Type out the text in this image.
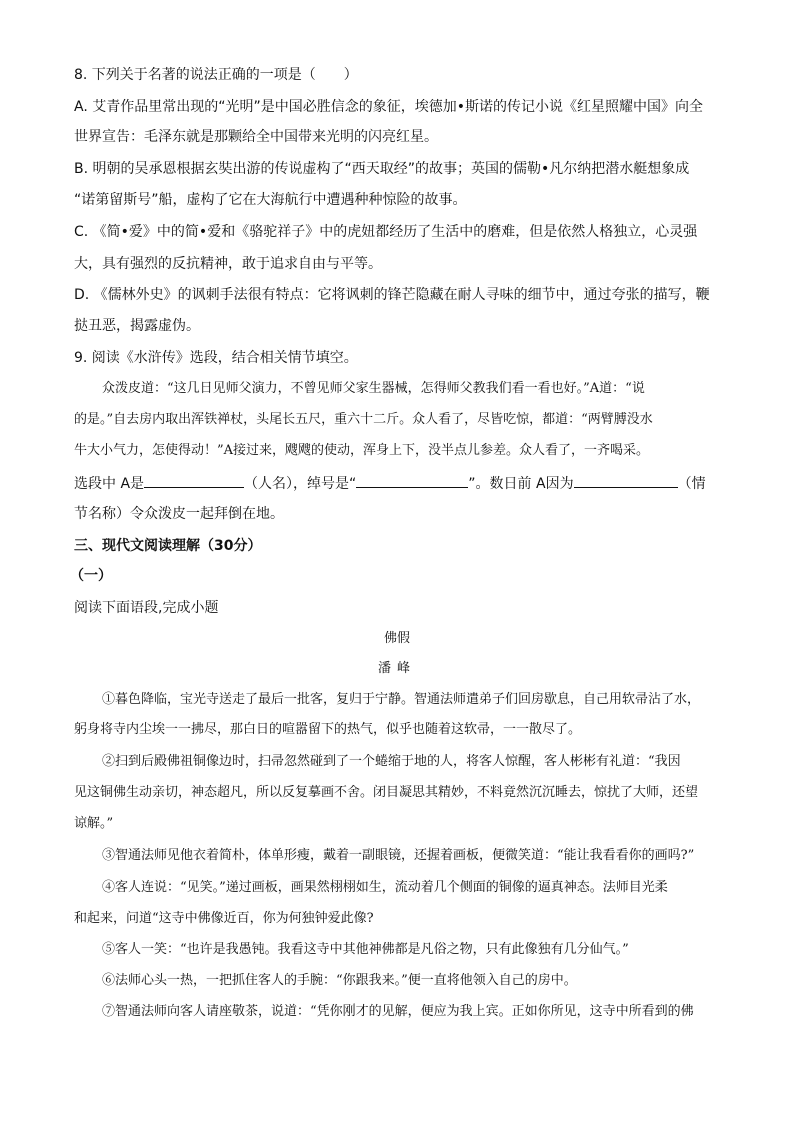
8. 下列关于名著的说法正确的一项是（　　）
A. 艾青作品里常出现的“光明”是中国必胜信念的象征，埃德加•斯诺的传记小说《红星照耀中国》向全
世界宣告：毛泽东就是那颗给全中国带来光明的闪亮红星。
B. 明朝的吴承恩根据玄奘出游的传说虚构了“西天取经”的故事；英国的儒勒•凡尔纳把潜水艇想象成
“诺第留斯号”船，虚构了它在大海航行中遭遇种种惊险的故事。
C. 《简•爱》中的简•爱和《骆驼祥子》中的虎妞都经历了生活中的磨难，但是依然人格独立，心灵强
大，具有强烈的反抗精神，敢于追求自由与平等。
D. 《儒林外史》的讽刺手法很有特点：它将讽刺的锋芒隐藏在耐人寻味的细节中，通过夸张的描写，鞭
挞丑恶，揭露虚伪。
9. 阅读《水浒传》选段，结合相关情节填空。
众泼皮道：“这几日见师父演力，不曾见师父家生器械，怎得师父教我们看一看也好。”A道：“说
的是。”自去房内取出浑铁禅杖，头尾长五尺，重六十二斤。众人看了，尽皆吃惊，都道：“两臂膊没水
牛大小气力，怎使得动！”A接过来，飕飕的使动，浑身上下，没半点儿参差。众人看了，一齐喝采。
选段中 A是	（人名），绰号是“	”。数日前 A因为	（情
节名称）令众泼皮一起拜倒在地。
三、现代文阅读理解（30分）
（一）
阅读下面语段,完成小题
佛假
潘峰
①暮色降临，宝光寺送走了最后一批客，复归于宁静。智通法师遣弟子们回房歇息，自己用软帚沾了水，
躬身将寺内尘埃一一拂尽，那白日的喧嚣留下的热气，似乎也随着这软帚，一一散尽了。
②扫到后殿佛祖铜像边时，扫帚忽然碰到了一个蜷缩于地的人，将客人惊醒，客人彬彬有礼道：“我因
见这铜佛生动亲切，神态超凡，所以反复摹画不舍。闭目凝思其精妙，不料竟然沉沉睡去，惊扰了大师，还望
谅解。”
③智通法师见他衣着简朴，体单形瘦，戴着一副眼镜，还握着画板，便微笑道：“能让我看看你的画吗?”
④客人连说：“见笑。”递过画板，画果然栩栩如生，流动着几个侧面的铜像的逼真神态。法师目光柔
和起来，问道“这寺中佛像近百，你为何独钟爱此像?
⑤客人一笑：“也许是我愚钝。我看这寺中其他神佛都是凡俗之物，只有此像独有几分仙气。”
⑥法师心头一热，一把抓住客人的手腕：“你跟我来。”便一直将他领入自己的房中。
⑦智通法师向客人请座敬茶，说道：“凭你刚才的见解，便应为我上宾。正如你所见，这寺中所看到的佛
